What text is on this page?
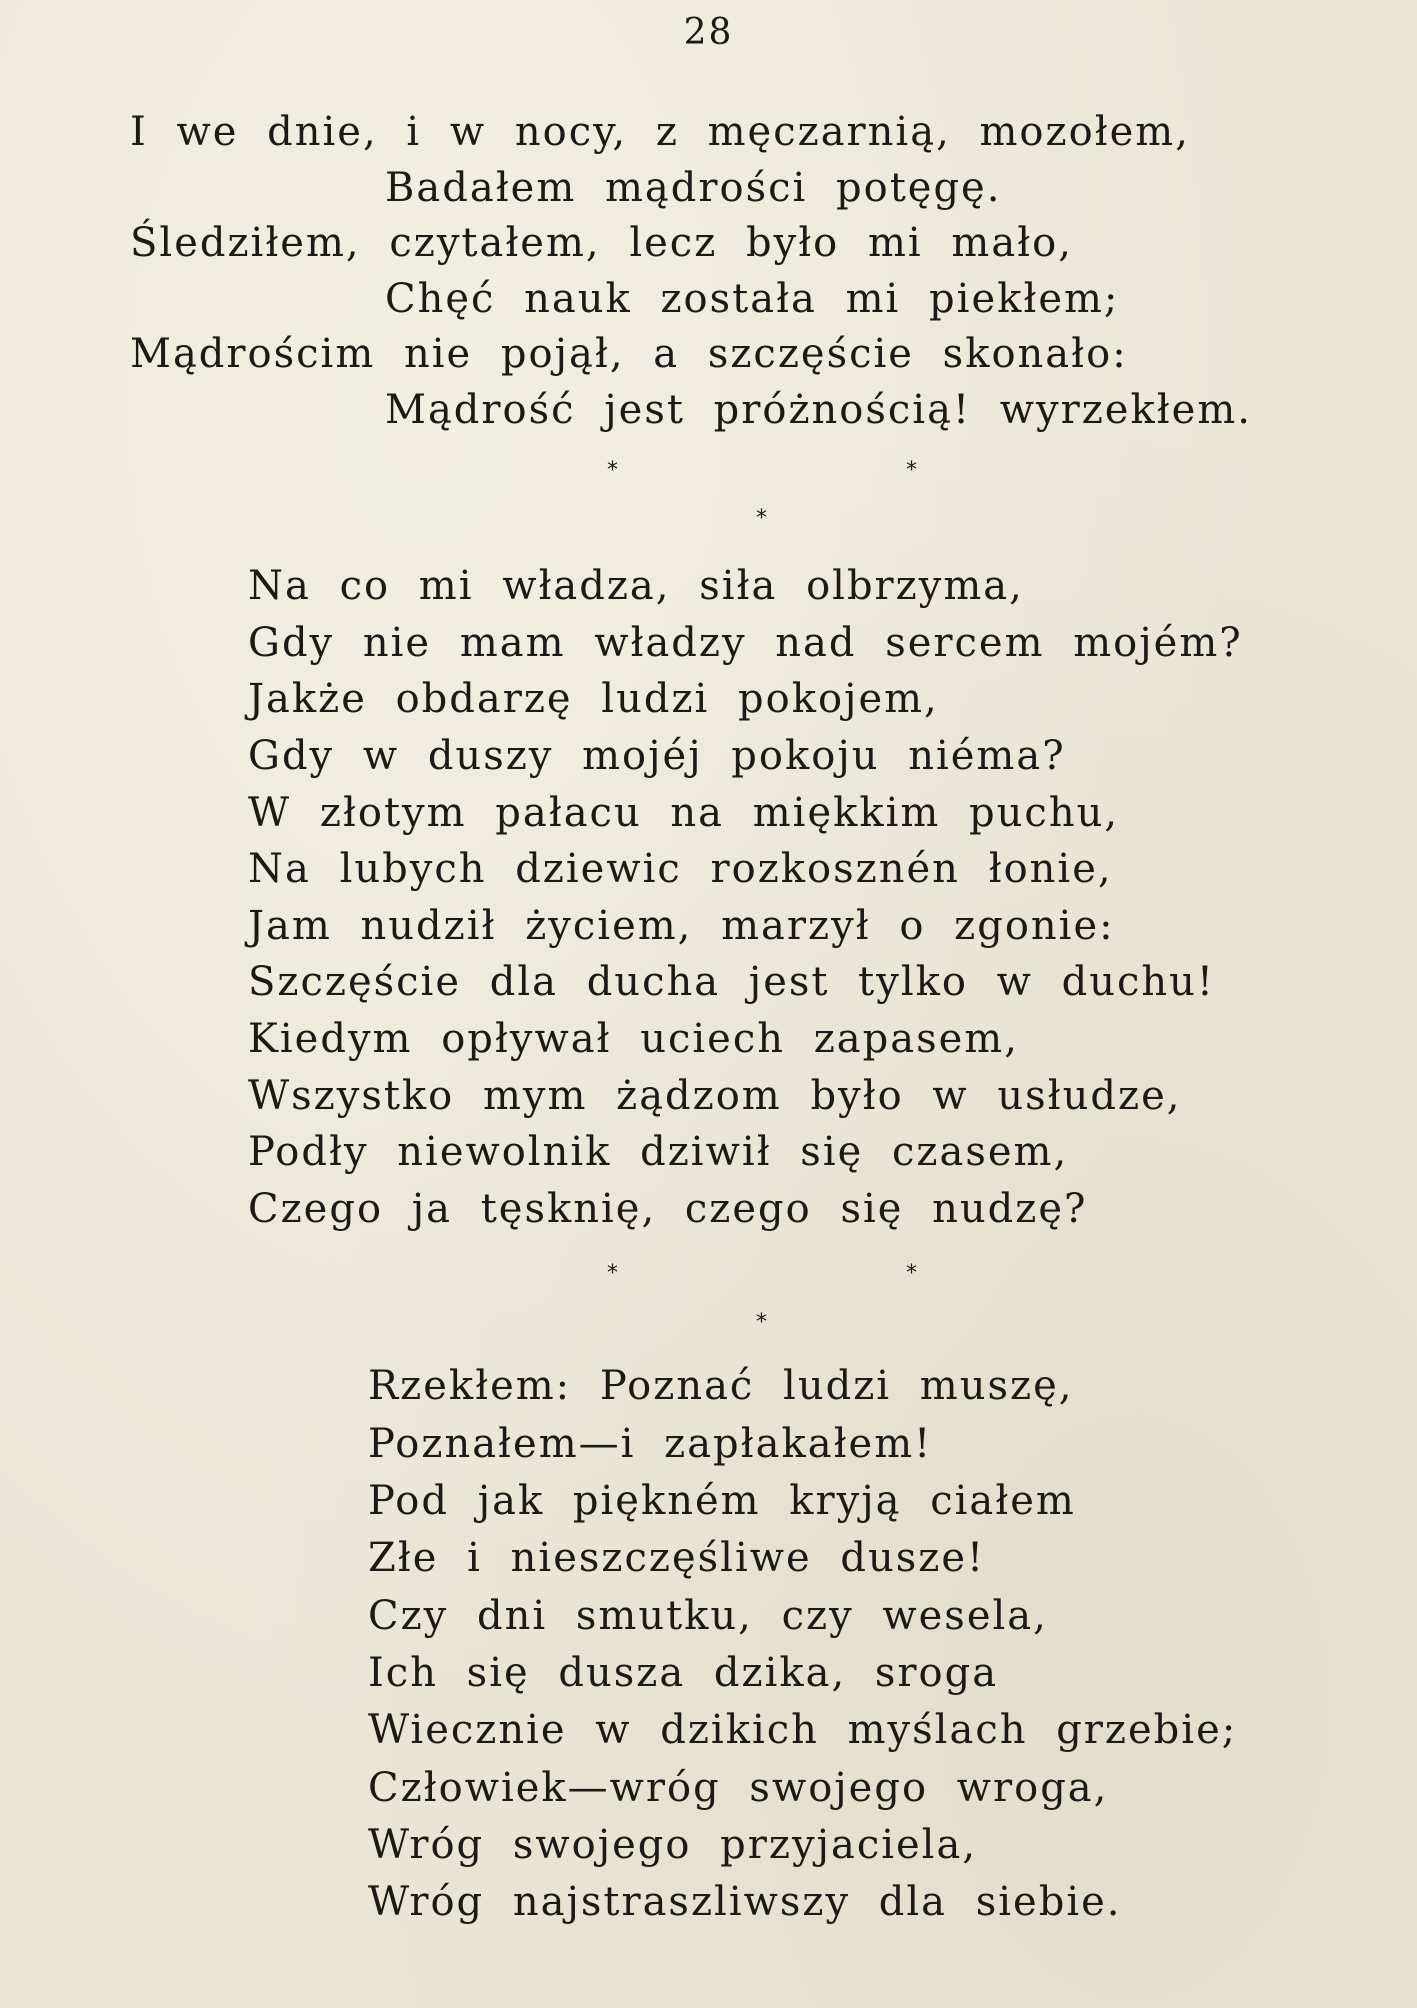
28
I we dnie, i w nocy, z męczarnią, mozołem,
Badałem mądrości potęgę.
Śledziłem, czytałem, lecz było mi mało,
Chęć nauk została mi piekłem;
Mądrościm nie pojął, a szczęście skonało:
Mądrość jest próżnością! wyrzekłem.
*	*
*
Na co mi władza, siła olbrzyma,
Gdy nie mam władzy nad sercem mojém?
Jakże obdarzę ludzi pokojem,
Gdy w duszy mojéj pokoju niéma?
W złotym pałacu na miękkim puchu,
Na lubych dziewic rozkosznén łonie,
Jam nudził życiem, marzył o zgonie:
Szczęście dla ducha jest tylko w duchu!
Kiedym opływał uciech zapasem,
Wszystko mym żądzom było w usłudze,
Podły niewolnik dziwił się czasem,
Czego ja tęsknię, czego się nudzę?
*	*
*
Rzekłem: Poznać ludzi muszę,
Poznałem—i zapłakałem!
Pod jak piękném kryją ciałem
Złe i nieszczęśliwe dusze!
Czy dni smutku, czy wesela,
Ich się dusza dzika, sroga
Wiecznie w dzikich myślach grzebie;
Człowiek—wróg swojego wroga,
Wróg swojego przyjaciela,
Wróg najstraszliwszy dla siebie.
